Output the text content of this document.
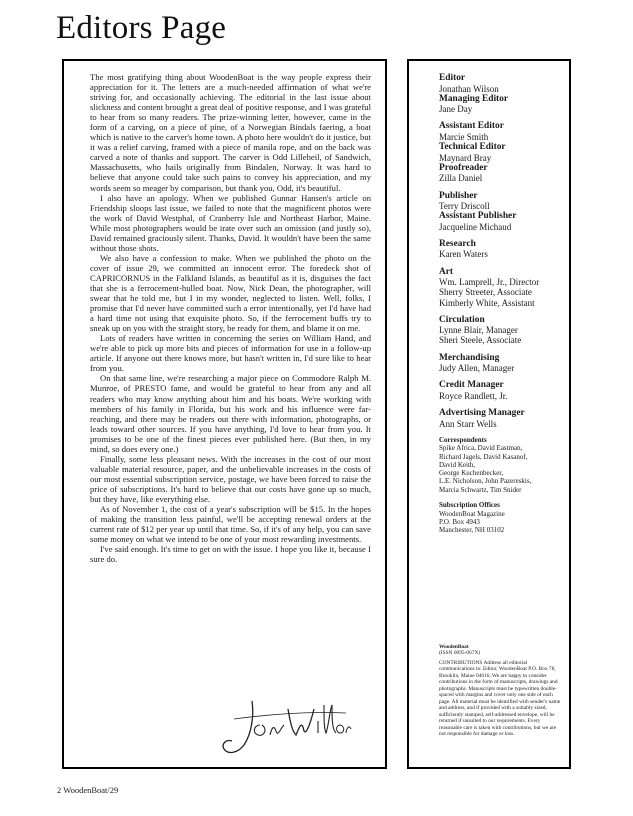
Editors Page

The most gratifying thing about WoodenBoat is the way people express their appreciation for it. The letters are a much-needed affirmation of what we're striving for, and occasionally achieving. The editorial in the last issue about slickness and content brought a great deal of positive response, and I was grateful to hear from so many readers. The prize-winning letter, however, came in the form of a carving, on a piece of pine, of a Norwegian Bindals faering, a boat which is native to the carver's home town. A photo here wouldn't do it justice, but it was a relief carving, framed with a piece of manila rope, and on the back was carved a note of thanks and support. The carver is Odd Lilleheil, of Sandwich, Massachusetts, who hails originally from Bindalen, Norway. It was hard to believe that anyone could take such pains to convey his appreciation, and my words seem so meager by comparison, but thank you, Odd, it's beautiful.

I also have an apology. When we published Gunnar Hansen's article on Friendship sloops last issue, we failed to note that the magnificent photos were the work of David Westphal, of Cranberry Isle and Northeast Harbor, Maine. While most photographers would be irate over such an omission (and justly so), David remained graciously silent. Thanks, David. It wouldn't have been the same without those shots.

We also have a confession to make. When we published the photo on the cover of issue 29, we committed an innocent error. The foredeck shot of CAPRICORNUS in the Falkland Islands, as beautiful as it is, disguises the fact that she is a ferrocement-hulled boat. Now, Nick Dean, the photographer, will swear that he told me, but I in my wonder, neglected to listen. Well, folks, I promise that I'd never have committed such a error intentionally, yet I'd have had a hard time not using that exquisite photo. So, if the ferrocement buffs try to sneak up on you with the straight story, be ready for them, and blame it on me.

Lots of readers have written in concerning the series on William Hand, and we're able to pick up more bits and pieces of information for use in a follow-up article. If anyone out there knows more, but hasn't written in, I'd sure like to hear from you.

On that same line, we're researching a major piece on Commodore Ralph M. Munroe, of PRESTO fame, and would be grateful to hear from any and all readers who may know anything about him and his boats. We're working with members of his family in Florida, but his work and his influence were far-reaching, and there may be readers out there with information, photographs, or leads toward other sources. If you have anything, I'd love to hear from you. It promises to be one of the finest pieces ever published here. (But then, in my mind, so does every one.)

Finally, some less pleasant news. With the increases in the cost of our most valuable material resource, paper, and the unbelievable increases in the costs of our most essential subscription service, postage, we have been forced to raise the price of subscriptions. It's hard to believe that our costs have gone up so much, but they have, like everything else.

As of November 1, the cost of a year's subscription will be $15. In the hopes of making the transition less painful, we'll be accepting renewal orders at the current rate of $12 per year up until that time. So, if it's of any help, you can save some money on what we intend to be one of your most rewarding investments.

I've said enough. It's time to get on with the issue. I hope you like it, because I sure do.

Editor
Jonathan Wilson
Managing Editor
Jane Day
Assistant Editor
Marcie Smith
Technical Editor
Maynard Bray
Proofreader
Zilla Daniel
Publisher
Terry Driscoll
Assistant Publisher
Jacqueline Michaud
Research
Karen Waters
Art
Wm. Lamprell, Jr., Director
Sherry Streeter, Associate
Kimberly White, Assistant
Circulation
Lynne Blair, Manager
Sheri Steele, Associate
Merchandising
Judy Allen, Manager
Credit Manager
Royce Randlett, Jr.
Advertising Manager
Ann Starr Wells
Correspondents
Spike Africa, David Eastman,
Richard Jagels, David Kasanof,
David Keith,
George Kuchenbecker,
L.E. Nicholson, John Pazereskis,
Marcia Schwartz, Tim Snider
Subscription Offices
WoodenBoat Magazine
P.O. Box 4943
Manchester, NH 03102
WoodenBoat
(ISSN 0095-067X)
CONTRIBUTIONS Address all editorial communications to: Editor, WoodenBoat P.O. Box 78, Brooklin, Maine 04616. We are happy to consider contributions in the form of manuscripts, drawings and photographs. Manuscripts must be typewritten double-spaced with margins and cover only one side of each page. All material must be identified with sender's name and address, and if provided with a suitably sized, sufficiently stamped, self-addressed envelope, will be returned if unsuited to our requirements. Every reasonable care is taken with contributions, but we are not responsible for damage or loss.
2 WoodenBoat/29
